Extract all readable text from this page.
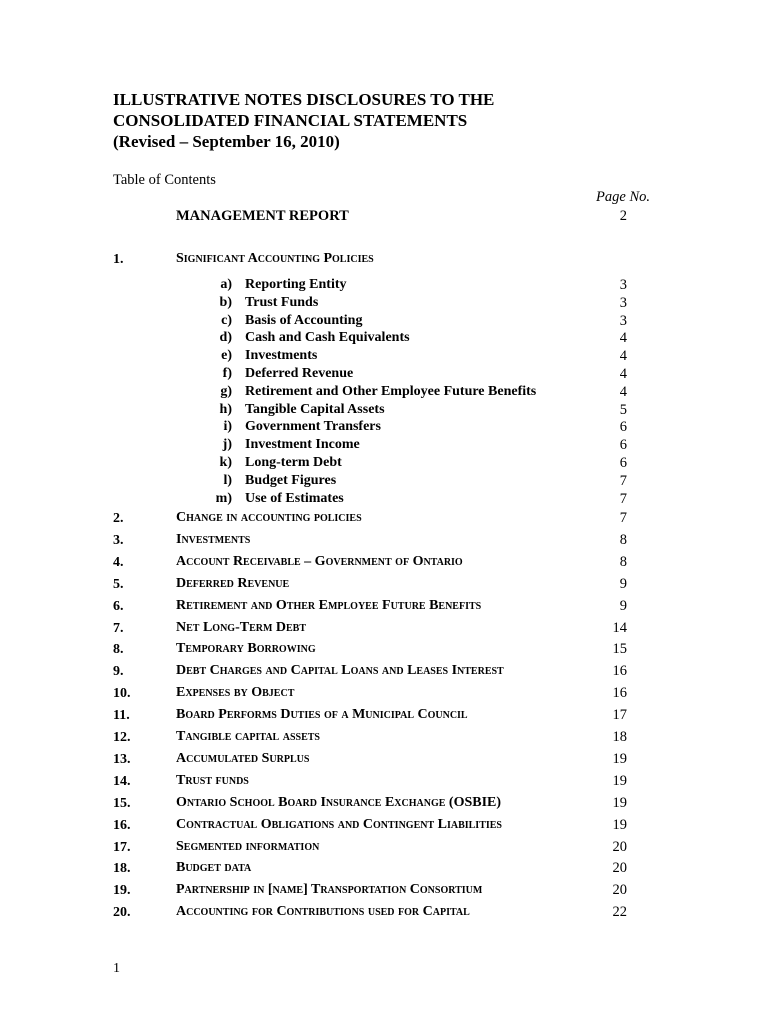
ILLUSTRATIVE NOTES DISCLOSURES TO THE
CONSOLIDATED FINANCIAL STATEMENTS
(Revised – September 16, 2010)
Table of Contents
Page No.
MANAGEMENT REPORT	2
1.	Significant Accounting Policies
a) Reporting Entity	3
b) Trust Funds	3
c) Basis of Accounting	3
d) Cash and Cash Equivalents	4
e) Investments	4
f) Deferred Revenue	4
g) Retirement and Other Employee Future Benefits	4
h) Tangible Capital Assets	5
i) Government Transfers	6
j) Investment Income	6
k) Long-term Debt	6
l) Budget Figures	7
m) Use of Estimates	7
2.	Change in accounting policies	7
3.	Investments	8
4.	Account Receivable – Government of Ontario	8
5.	Deferred Revenue	9
6.	Retirement and Other Employee Future Benefits	9
7.	Net Long-Term Debt	14
8.	Temporary Borrowing	15
9.	Debt Charges and Capital Loans and Leases Interest	16
10.	Expenses by Object	16
11.	Board Performs Duties of a Municipal Council	17
12.	Tangible capital assets	18
13.	Accumulated Surplus	19
14.	Trust funds	19
15.	Ontario School Board Insurance Exchange (OSBIE)	19
16.	Contractual Obligations and Contingent Liabilities	19
17.	Segmented information	20
18.	Budget data	20
19.	Partnership in [name] Transportation Consortium	20
20.	Accounting for Contributions used for Capital	22
1
